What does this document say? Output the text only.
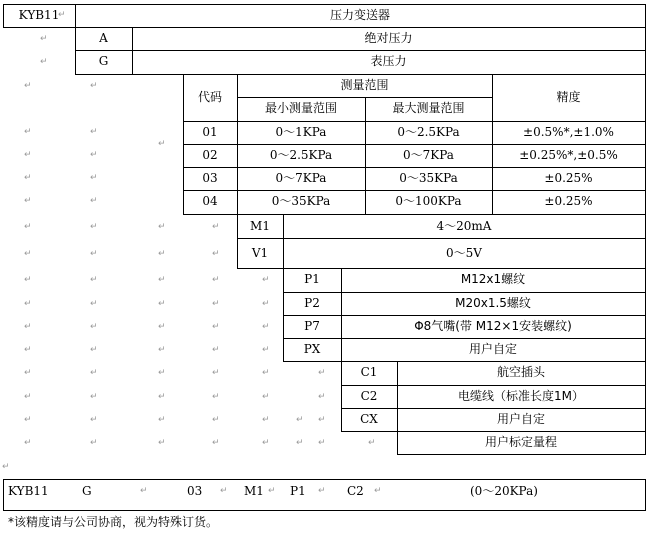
KYB11	压力变送器
A	绝对压力
G	表压力
代码
测量范围
最小测量范围	最大测量范围
精度
01	0～1KPa	0～2.5KPa	±0.5%*,±1.0%
02	0～2.5KPa	0～7KPa	±0.25%*,±0.5%
03	0～7KPa	0～35KPa	±0.25%
04	0～35KPa	0～100KPa	±0.25%
M1	4～20mA
V1	0～5V
P1	M12x1螺纹
P2	M20x1.5螺纹
P7	Φ8气嘴(带 M12×1安装螺纹)
PX	用户自定
C1	航空插头
C2	电缆线（标准长度1M）
CX	用户自定
用户标定量程
KYB11	G	03	M1 P1	C2	(0～20KPa)
*该精度请与公司协商，视为特殊订货。
↵
↵
↵
↵	↵
↵	↵
↵	↵
↵
↵	↵
↵	↵
↵	↵	↵	↵
↵	↵	↵	↵
↵	↵	↵	↵	↵
↵	↵	↵	↵	↵
↵	↵	↵	↵	↵
↵	↵	↵	↵	↵
↵	↵	↵	↵	↵	↵
↵	↵	↵	↵	↵	↵
↵	↵	↵	↵	↵	↵ ↵
↵	↵	↵	↵	↵	↵ ↵	↵
↵
↵	↵	↵	↵	↵
